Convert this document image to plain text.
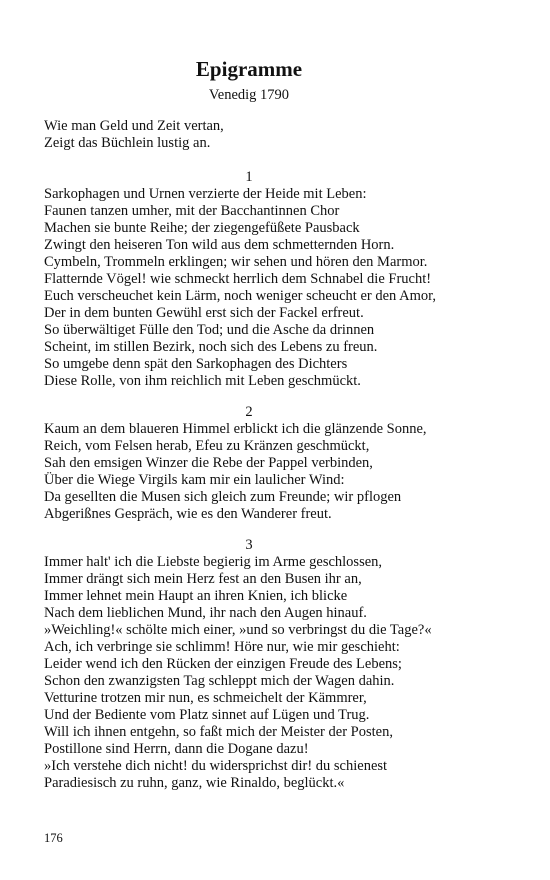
Epigramme
Venedig 1790
Wie man Geld und Zeit vertan,
Zeigt das Büchlein lustig an.
1
Sarkophagen und Urnen verzierte der Heide mit Leben:
Faunen tanzen umher, mit der Bacchantinnen Chor
Machen sie bunte Reihe; der ziegengefüßete Pausback
Zwingt den heiseren Ton wild aus dem schmetternden Horn.
Cymbeln, Trommeln erklingen; wir sehen und hören den Marmor.
Flatternde Vögel! wie schmeckt herrlich dem Schnabel die Frucht!
Euch verscheuchet kein Lärm, noch weniger scheucht er den Amor,
Der in dem bunten Gewühl erst sich der Fackel erfreut.
So überwältiget Fülle den Tod; und die Asche da drinnen
Scheint, im stillen Bezirk, noch sich des Lebens zu freun.
So umgebe denn spät den Sarkophagen des Dichters
Diese Rolle, von ihm reichlich mit Leben geschmückt.
2
Kaum an dem blaueren Himmel erblickt ich die glänzende Sonne,
Reich, vom Felsen herab, Efeu zu Kränzen geschmückt,
Sah den emsigen Winzer die Rebe der Pappel verbinden,
Über die Wiege Virgils kam mir ein laulicher Wind:
Da gesellten die Musen sich gleich zum Freunde; wir pflogen
Abgerißnes Gespräch, wie es den Wanderer freut.
3
Immer halt' ich die Liebste begierig im Arme geschlossen,
Immer drängt sich mein Herz fest an den Busen ihr an,
Immer lehnet mein Haupt an ihren Knien, ich blicke
Nach dem lieblichen Mund, ihr nach den Augen hinauf.
»Weichling!« schölte mich einer, »und so verbringst du die Tage?«
Ach, ich verbringe sie schlimm! Höre nur, wie mir geschieht:
Leider wend ich den Rücken der einzigen Freude des Lebens;
Schon den zwanzigsten Tag schleppt mich der Wagen dahin.
Vetturine trotzen mir nun, es schmeichelt der Kämmrer,
Und der Bediente vom Platz sinnet auf Lügen und Trug.
Will ich ihnen entgehn, so faßt mich der Meister der Posten,
Postillone sind Herrn, dann die Dogane dazu!
»Ich verstehe dich nicht! du widersprichst dir! du schienest
Paradiesisch zu ruhn, ganz, wie Rinaldo, beglückt.«
176
